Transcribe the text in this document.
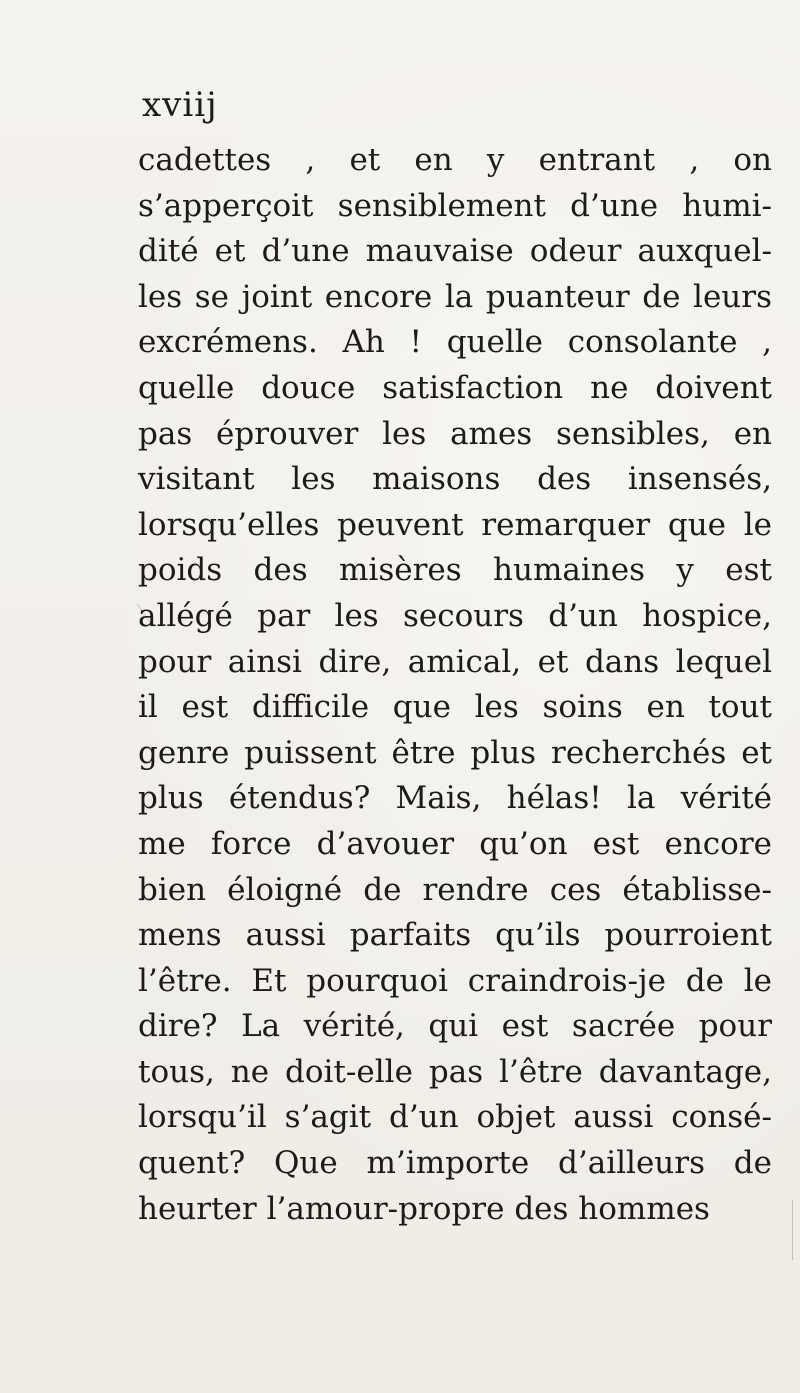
xviij
cadettes , et en y entrant , on
s’apperçoit sensiblement d’une humi-
dité et d’une mauvaise odeur auxquel-
les se joint encore la puanteur de leurs
excrémens. Ah ! quelle consolante ,
quelle douce satisfaction ne doivent
pas éprouver les ames sensibles, en
visitant les maisons des insensés,
lorsqu’elles peuvent remarquer que le
poids des misères humaines y est
allégé par les secours d’un hospice,
pour ainsi dire, amical, et dans lequel
il est difficile que les soins en tout
genre puissent être plus recherchés et
plus étendus? Mais, hélas! la vérité
me force d’avouer qu’on est encore
bien éloigné de rendre ces établisse-
mens aussi parfaits qu’ils pourroient
l’être. Et pourquoi craindrois-je de le
dire? La vérité, qui est sacrée pour
tous, ne doit-elle pas l’être davantage,
lorsqu’il s’agit d’un objet aussi consé-
quent? Que m’importe d’ailleurs de
heurter l’amour-propre des hommes
